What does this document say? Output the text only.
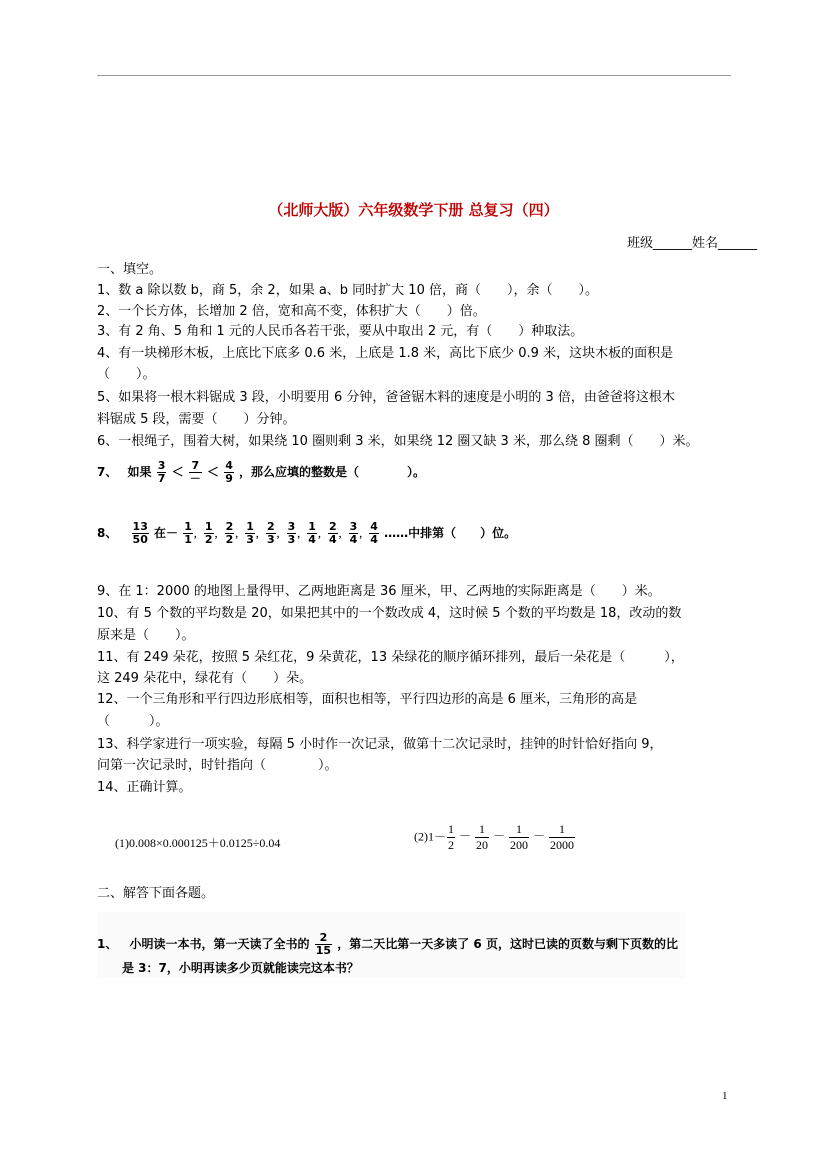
（北师大版）六年级数学下册 总复习（四）
班级______姓名______
一、填空。
1、数 a 除以数 b，商 5，余 2，如果 a、b 同时扩大 10 倍，商（　　），余（　　）。
2、一个长方体，长增加 2 倍，宽和高不变，体积扩大（　　）倍。
3、有 2 角、5 角和 1 元的人民币各若干张，要从中取出 2 元，有（　　）种取法。
4、有一块梯形木板，上底比下底多 0.6 米，上底是 1.8 米，高比下底少 0.9 米，这块木板的面积是
（　　）。
5、如果将一根木料锯成 3 段，小明要用 6 分钟，爸爸锯木料的速度是小明的 3 倍，由爸爸将这根木
料锯成 5 段，需要（　　）分钟。
6、一根绳子，围着大树，如果绕 10 圈则剩 3 米，如果绕 12 圈又缺 3 米，那么绕 8 圈剩（　　）米。
7、 如果 $\frac{3}{7} < \frac{7}{-} < \frac{4}{9}$ ，那么应填的整数是（　　　　）。
8、 $\frac{13}{50}$ 在－ $\frac{1}{1}$ ， $\frac{1}{2}$ ， $\frac{2}{2}$ ， $\frac{1}{3}$ ， $\frac{2}{3}$ ， $\frac{3}{3}$ ， $\frac{1}{4}$ ， $\frac{2}{4}$ ， $\frac{3}{4}$ ， $\frac{4}{4}$ ……中排第（　　）位。
9、在 1：2000 的地图上量得甲、乙两地距离是 36 厘米，甲、乙两地的实际距离是（　　）米。
10、有 5 个数的平均数是 20，如果把其中的一个数改成 4，这时候 5 个数的平均数是 18，改动的数
原来是（　　）。
11、有 249 朵花，按照 5 朵红花，9 朵黄花，13 朵绿花的顺序循环排列，最后一朵花是（　　　），
这 249 朵花中，绿花有（　　）朵。
12、一个三角形和平行四边形底相等，面积也相等，平行四边形的高是 6 厘米，三角形的高是
（　　　）。
13、科学家进行一项实验，每隔 5 小时作一次记录，做第十二次记录时，挂钟的时针恰好指向 9，
问第一次记录时，时针指向（　　　　）。
14、正确计算。
(1)0.008×0.000125＋0.0125÷0.04	$(2)1- \frac{1}{2} - \frac{1}{20} - \frac{1}{200} - \frac{1}{2000}$
二、解答下面各题。
1、 小明读一本书，第一天读了全书的 $\frac{2}{15}$ ，第二天比第一天多读了 6 页，这时已读的页数与剩下页数的比
是 3：7，小明再读多少页就能读完这本书？
1
